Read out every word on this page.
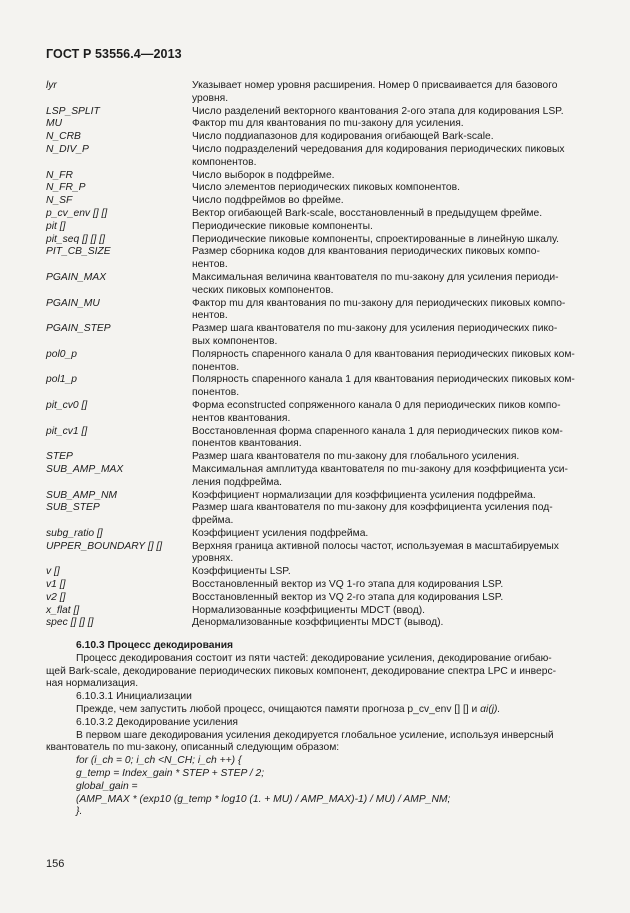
ГОСТ Р 53556.4—2013
lyr	Указывает номер уровня расширения. Номер 0 присваивается для базового
уровня.
LSP_SPLIT	Число разделений векторного квантования 2-ого этапа для кодирования LSP.
MU	Фактор mu для квантования по mu-закону для усиления.
N_CRB	Число поддиапазонов для кодирования огибающей Bark-scale.
N_DIV_P	Число подразделений чередования для кодирования периодических пиковых
компонентов.
N_FR	Число выборок в подфрейме.
N_FR_P	Число элементов периодических пиковых компонентов.
N_SF	Число подфреймов во фрейме.
p_cv_env [] []	Вектор огибающей Bark-scale, восстановленный в предыдущем фрейме.
pit []	Периодические пиковые компоненты.
pit_seq [] [] []	Периодические пиковые компоненты, спроектированные в линейную шкалу.
PIT_CB_SIZE	Размер сборника кодов для квантования периодических пиковых компо-
нентов.
PGAIN_MAX	Максимальная величина квантователя по mu-закону для усиления периоди-
ческих пиковых компонентов.
PGAIN_MU	Фактор mu для квантования по mu-закону для периодических пиковых компо-
нентов.
PGAIN_STEP	Размер шага квантователя по mu-закону для усиления периодических пико-
вых компонентов.
pol0_p	Полярность спаренного канала 0 для квантования периодических пиковых ком-
понентов.
pol1_p	Полярность спаренного канала 1 для квантования периодических пиковых ком-
понентов.
pit_cv0 []	Форма econstructed сопряженного канала 0 для периодических пиков компо-
нентов квантования.
pit_cv1 []	Восстановленная форма спаренного канала 1 для периодических пиков ком-
понентов квантования.
STEP	Размер шага квантователя по mu-закону для глобального усиления.
SUB_AMP_MAX	Максимальная амплитуда квантователя по mu-закону для коэффициента уси-
ления подфрейма.
SUB_AMP_NM	Коэффициент нормализации для коэффициента усиления подфрейма.
SUB_STEP	Размер шага квантователя по mu-закону для коэффициента усиления под-
фрейма.
subg_ratio []	Коэффициент усиления подфрейма.
UPPER_BOUNDARY [] []	Верхняя граница активной полосы частот, используемая в масштабируемых
уровнях.
v []	Коэффициенты LSP.
v1 []	Восстановленный вектор из VQ 1-го этапа для кодирования LSP.
v2 []	Восстановленный вектор из VQ 2-го этапа для кодирования LSP.
x_flat []	Нормализованные коэффициенты MDCT (ввод).
spec [] [] []	Денормализованные коэффициенты MDCT (вывод).
6.10.3 Процесс декодирования
Процесс декодирования состоит из пяти частей: декодирование усиления, декодирование огибаю-
щей Bark-scale, декодирование периодических пиковых компонент, декодирование спектра LPC и инверс-
ная нормализация.
6.10.3.1 Инициализации
Прежде, чем запустить любой процесс, очищаются памяти прогноза p_cv_env [] [] и αi(j).
6.10.3.2 Декодирование усиления
В первом шаге декодирования усиления декодируется глобальное усиление, используя инверсный
квантователь по mu-закону, описанный следующим образом:
for (i_ch = 0; i_ch <N_CH; i_ch ++) {
g_temp = Index_gain * STEP + STEP / 2;
global_gain =
(AMP_MAX * (exp10 (g_temp * log10 (1. + MU) / AMP_MAX)-1) / MU) / AMP_NM;
}.
156
